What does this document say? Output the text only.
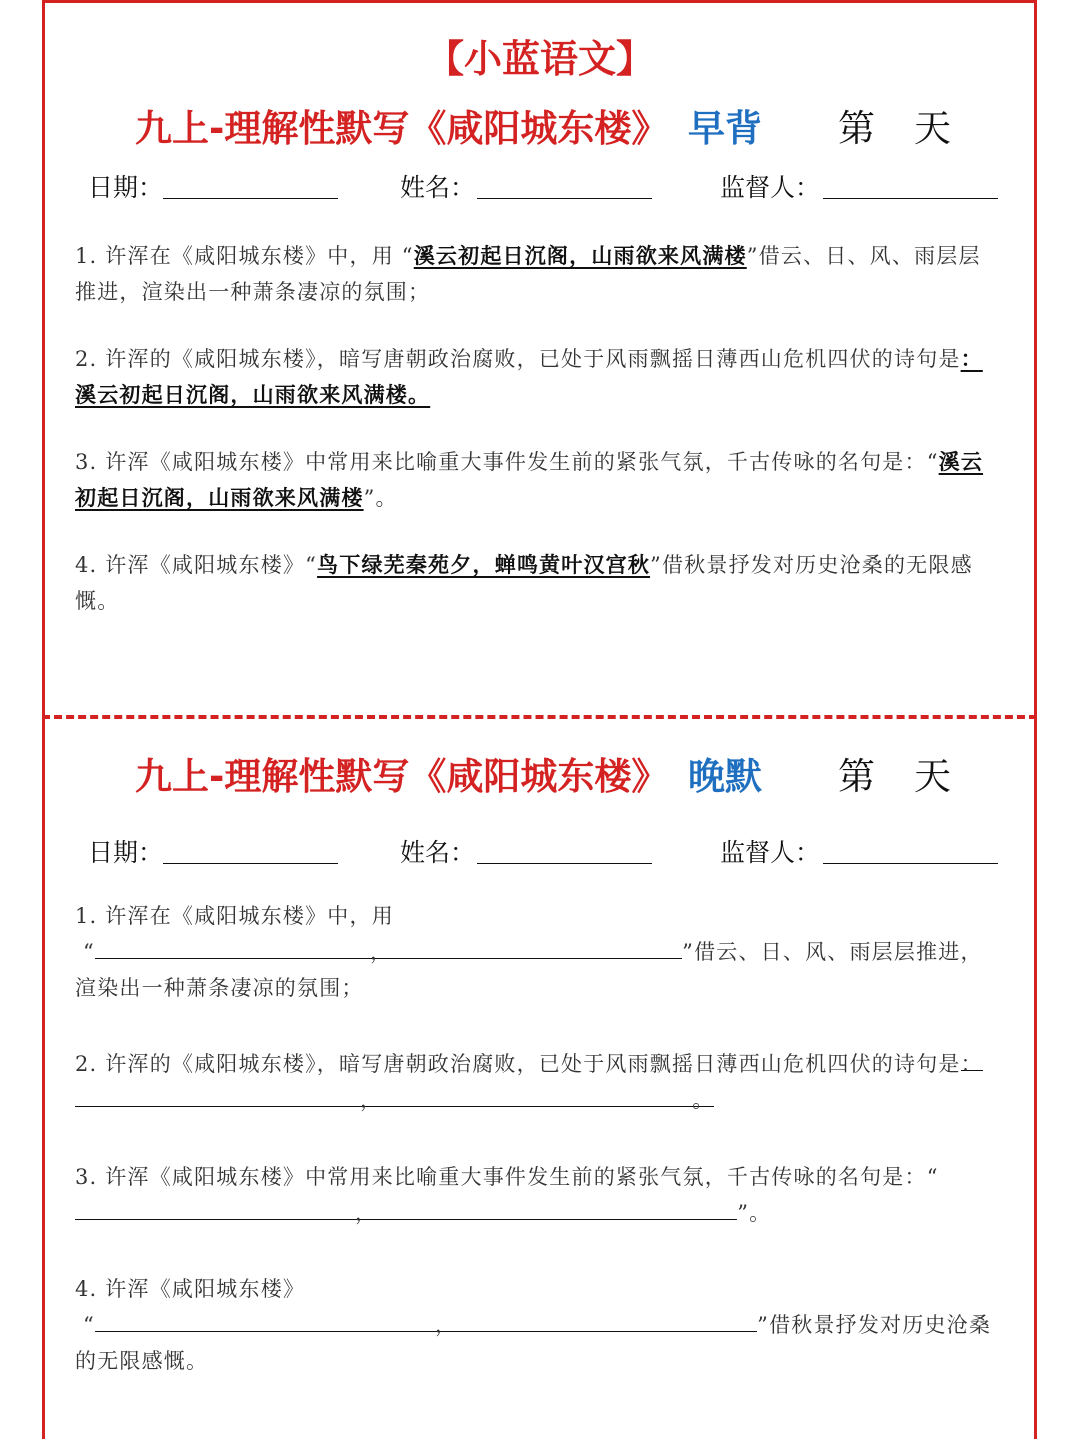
【小蓝语文】
九上-理解性默写《咸阳城东楼》 早背 第 天
日期：	姓名：	监督人：
1. 许浑在《咸阳城东楼》中，用 “溪云初起日沉阁，山雨欲来风满楼”借云、日、风、雨层层推进，渲染出一种萧条凄凉的氛围；
2. 许浑的《咸阳城东楼》，暗写唐朝政治腐败，已处于风雨飘摇日薄西山危机四伏的诗句是：溪云初起日沉阁，山雨欲来风满楼。
3. 许浑《咸阳城东楼》中常用来比喻重大事件发生前的紧张气氛，千古传咏的名句是：“溪云初起日沉阁，山雨欲来风满楼”。
4. 许浑《咸阳城东楼》“鸟下绿芜秦苑夕，蝉鸣黄叶汉宫秋”借秋景抒发对历史沧桑的无限感慨。
九上-理解性默写《咸阳城东楼》 晚默 第 天
日期：	姓名：	监督人：
1. 许浑在《咸阳城东楼》中，用
“	，	”借云、日、风、雨层层推进，渲染出一种萧条凄凉的氛围；
2. 许浑的《咸阳城东楼》，暗写唐朝政治腐败，已处于风雨飘摇日薄西山危机四伏的诗句是：，	。
3. 许浑《咸阳城东楼》中常用来比喻重大事件发生前的紧张气氛，千古传咏的名句是：“，	”。
4. 许浑《咸阳城东楼》
“	，	”借秋景抒发对历史沧桑的无限感慨。
